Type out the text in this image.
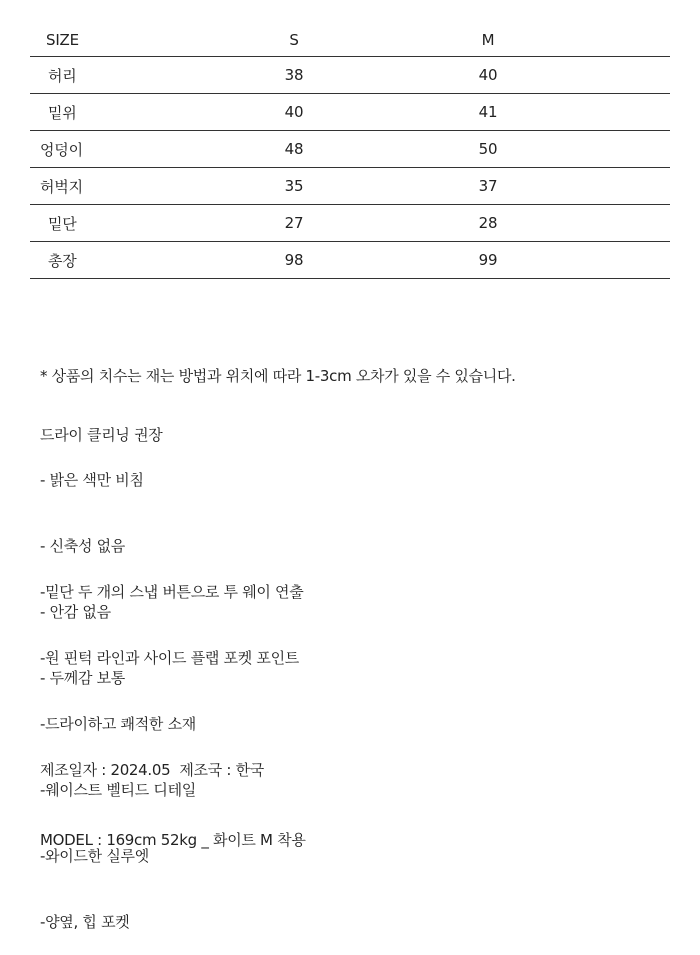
SIZE	S	M
허리	38	40
밑위	40	41
엉덩이	48	50
허벅지	35	37
밑단	27	28
총장	98	99

* 상품의 치수는 재는 방법과 위치에 따라 1-3cm 오차가 있을 수 있습니다.

드라이 클리닝 권장

- 밝은 색만 비침

- 신축성 없음

- 안감 없음

- 두께감 보통

-밑단 두 개의 스냅 버튼으로 투 웨이 연출

-원 핀턱 라인과 사이드 플랩 포켓 포인트

-드라이하고 쾌적한 소재

-웨이스트 벨티드 디테일

-와이드한 실루엣

-양옆, 힙 포켓

제조일자 : 2024.05  제조국 : 한국

MODEL : 169cm 52kg _ 화이트 M 착용
